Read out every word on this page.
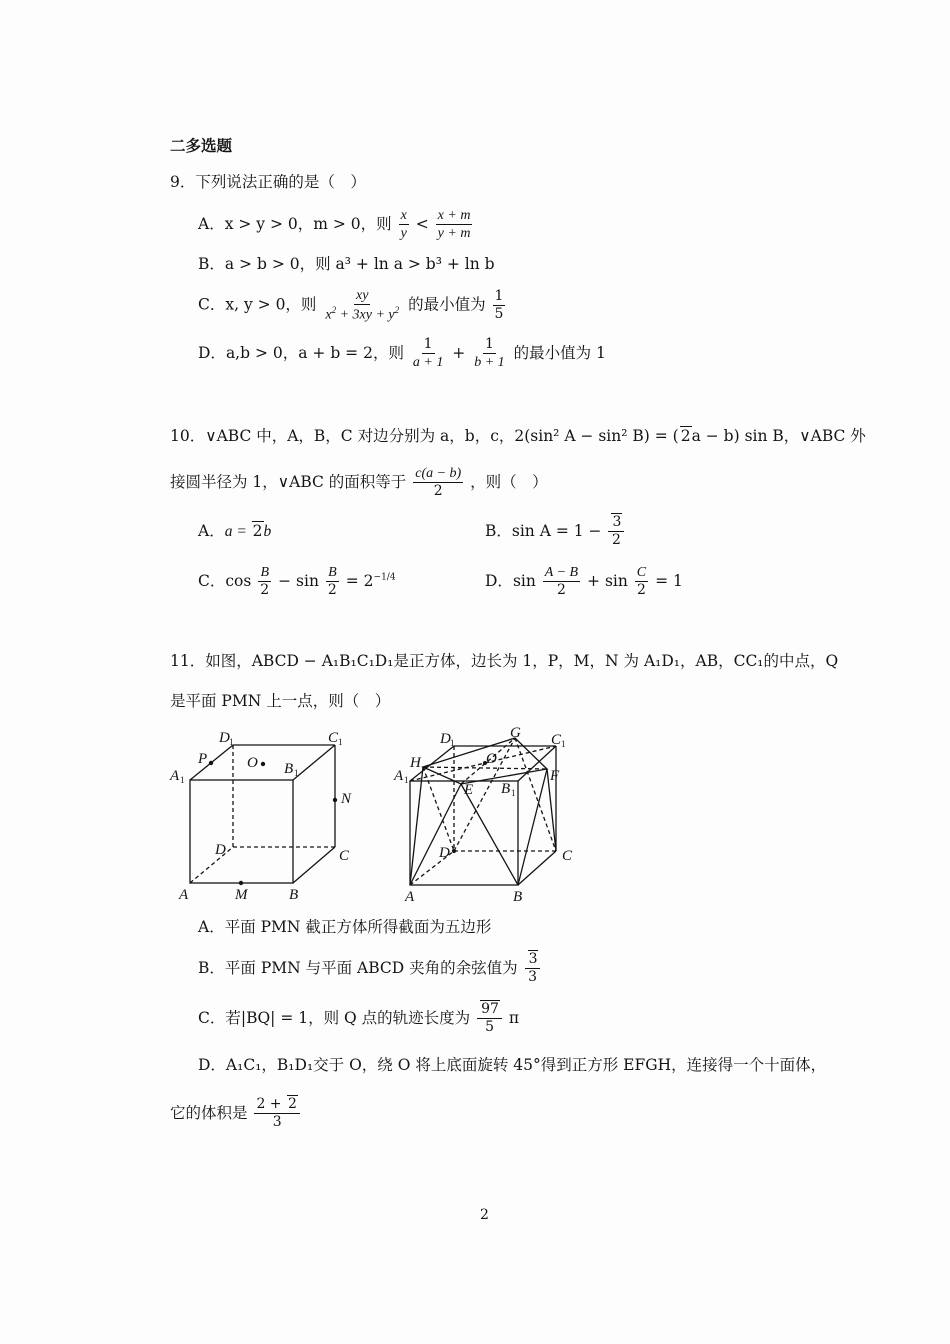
二多选题
9．下列说法正确的是（　）
A．x > y > 0，m > 0，则 $\frac{x}{y} < \frac{x + m}{y + m}$
B．a > b > 0，则 a³ + ln a > b³ + ln b
C．x, y > 0，则 $\frac{xy}{x^2 + 3xy + y^2}$ 的最小值为 $\frac{1}{5}$
D．a,b > 0，a + b = 2，则 $\frac{1}{a + 1} + \frac{1}{b + 1}$ 的最小值为 1
10．∨ABC 中，A，B，C 对边分别为 a，b，c，2(sin² A − sin² B) = ( 2a − b) sin B，∨ABC 外
接圆半径为 1，∨ABC 的面积等于 $\frac{c(a - b)}{2}$ ，则（　）
A．a = 2b	B．$\sin A = 1 - \frac{3}{2}$
C．$\cos \frac{B}{2} - \sin \frac{B}{2} = 2^{-1/4}$	D．$\sin \frac{A - B}{2} + \sin \frac{C}{2} = 1$
11．如图，ABCD − A₁B₁C₁D₁是正方体，边长为 1，P，M，N 为 A₁D₁，AB，CC₁的中点，Q
是平面 PMN 上一点，则（　）
D 1	C 1
A 1
B 1
P	O
N
D	C
A	M	B
D 1
G C 1
H
A 1
O
F
E B 1
D	C
A	B
A．平面 PMN 截正方体所得截面为五边形
B．平面 PMN 与平面 ABCD 夹角的余弦值为 $\frac{3}{3}$
C．若|BQ| = 1，则 Q 点的轨迹长度为 $\frac{97}{5}$ π
D．A₁C₁，B₁D₁交于 O，绕 O 将上底面旋转 45°得到正方形 EFGH，连接得一个十面体，
它的体积是 $\frac{2 + 2}{3}$
2
